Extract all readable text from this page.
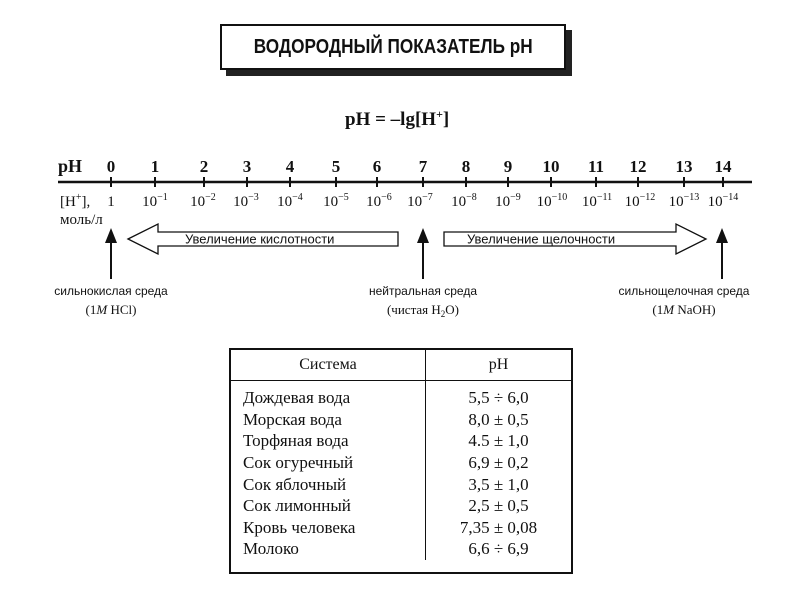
ВОДОРОДНЫЙ ПОКАЗАТЕЛЬ pH
pH = –lg[H+]
pH 0 1 2 3 4 5 6 7 8 9 10 11 12 13 14
1 $10^{-1}$ $10^{-2}$ $10^{-3}$ $10^{-4}$ $10^{-5}$ $10^{-6}$ $10^{-7}$ $10^{-8}$ $10^{-9}$ $10^{-10}$ $10^{-11}$ $10^{-12}$ $10^{-13}$ $10^{-14}$
[H+],
моль/л
Увеличение кислотности	Увеличение щелочности
сильнокислая среда
(1M HCl)
нейтральная среда
(чистая $H_2O$)
сильнощелочная среда
(1M NaOH)
Система	pH
Дождевая вода	5,5 ÷ 6,0
Морская вода	8,0 ± 0,5
Торфяная вода	4.5 ± 1,0
Сок огуречный	6,9 ± 0,2
Сок яблочный	3,5 ± 1,0
Сок лимонный	2,5 ± 0,5
Кровь человека	7,35 ± 0,08
Молоко	6,6 ÷ 6,9
